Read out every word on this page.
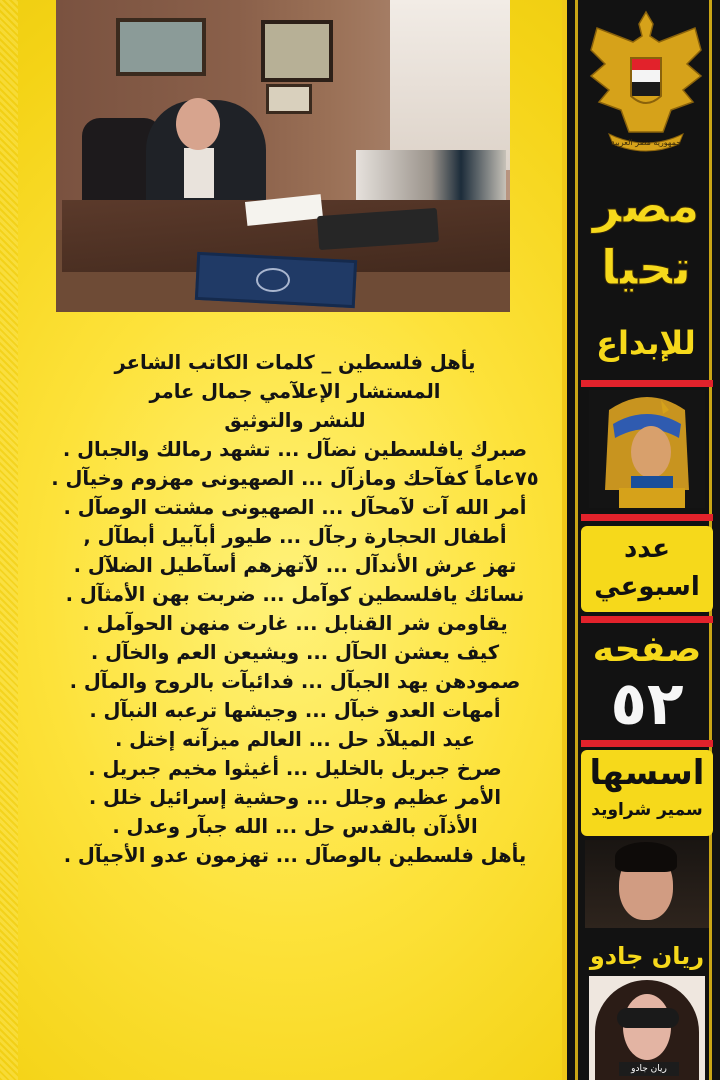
يأهل فلسطين _ كلمات الكاتب الشاعر
المستشار الإعلآمي جمال عامر
للنشر والتوثيق
صبرك يافلسطين نضآل ... تشهد رمالك والجبال .
٧٥عاماً كفآحك ومازآل ... الصهيونى مهزوم وخيآل .
أمر الله آت لآمحآل ... الصهيونى مشتت الوصآل .
أطفال الحجارة رجآل ... طيور أبآبيل أبطآل ,
تهز عرش الأندآل ... لآتهزهم أسآطيل الضلآل .
نسائك يافلسطين كوآمل ... ضربت بهن الأمثآل .
يقاومن شر القنابل ... غارت منهن الحوآمل .
كيف يعشن الحآل ... ويشيعن العم والخآل .
صمودهن يهد الجبآل ... فدائيآت بالروح والمآل .
أمهات العدو خبآل ... وجيشها ترعبه النبآل .
عيد الميلآد حل ... العالم ميزآنه إختل .
صرخ جبريل بالخليل ... أغيثوا مخيم جبريل .
الأمر عظيم وجلل ... وحشية إسرائيل خلل .
الأذآن بالقدس حل ... الله جبآر وعدل .
يأهل فلسطين بالوصآل ... تهزمون عدو الأجيآل .
جمهورية مصر العربية
مصر
تحيا
للإبداع
عدد
اسبوعي
صفحه
٥٢
اسسها
سمير شراويد
ريان جادو
ريان جادو
